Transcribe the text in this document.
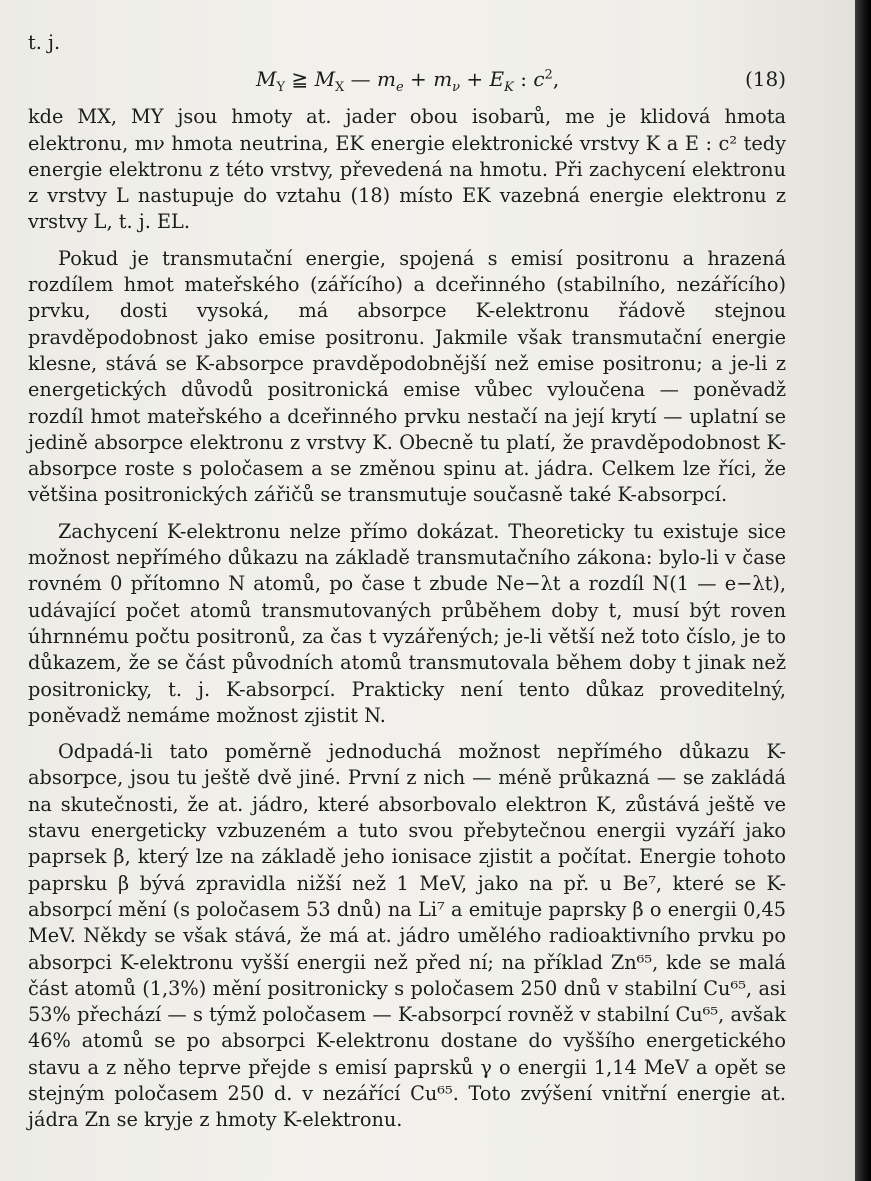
t. j.
$M_Y$ ≧ $M_X$ — $m_e + m_\nu + E_K$ : $c^2$,	(18)

kde MX, MY jsou hmoty at. jader obou isobarů, me je klidová hmota elektronu, mν hmota neutrina, EK energie elektronické vrstvy K a E : c² tedy energie elektronu z této vrstvy, převedená na hmotu. Při zachycení elektronu z vrstvy L nastupuje do vztahu (18) místo EK vazebná energie elektronu z vrstvy L, t. j. EL.

Pokud je transmutační energie, spojená s emisí positronu a hrazená rozdílem hmot mateřského (zářícího) a dceřinného (stabilního, nezářícího) prvku, dosti vysoká, má absorpce K-elektronu řádově stejnou pravděpodobnost jako emise positronu. Jakmile však transmutační energie klesne, stává se K-absorpce pravděpodobnější než emise positronu; a je-li z energetických důvodů positronická emise vůbec vyloučena — poněvadž rozdíl hmot mateřského a dceřinného prvku nestačí na její krytí — uplatní se jedině absorpce elektronu z vrstvy K. Obecně tu platí, že pravděpodobnost K-absorpce roste s poločasem a se změnou spinu at. jádra. Celkem lze říci, že většina positronických zářičů se transmutuje současně také K-absorpcí.

Zachycení K-elektronu nelze přímo dokázat. Theoreticky tu existuje sice možnost nepřímého důkazu na základě transmutačního zákona: bylo-li v čase rovném 0 přítomno N atomů, po čase t zbude Ne−λt a rozdíl N(1 — e−λt), udávající počet atomů transmutovaných průběhem doby t, musí být roven úhrnnému počtu positronů, za čas t vyzářených; je-li větší než toto číslo, je to důkazem, že se část původních atomů transmutovala během doby t jinak než positronicky, t. j. K-absorpcí. Prakticky není tento důkaz proveditelný, poněvadž nemáme možnost zjistit N.

Odpadá-li tato poměrně jednoduchá možnost nepřímého důkazu K-absorpce, jsou tu ještě dvě jiné. První z nich — méně průkazná — se zakládá na skutečnosti, že at. jádro, které absorbovalo elektron K, zůstává ještě ve stavu energeticky vzbuzeném a tuto svou přebytečnou energii vyzáří jako paprsek β, který lze na základě jeho ionisace zjistit a počítat. Energie tohoto paprsku β bývá zpravidla nižší než 1 MeV, jako na př. u Be⁷, které se K-absorpcí mění (s poločasem 53 dnů) na Li⁷ a emituje paprsky β o energii 0,45 MeV. Někdy se však stává, že má at. jádro umělého radioaktivního prvku po absorpci K-elektronu vyšší energii než před ní; na příklad Zn⁶⁵, kde se malá část atomů (1,3%) mění positronicky s poločasem 250 dnů v stabilní Cu⁶⁵, asi 53% přechází — s týmž poločasem — K-absorpcí rovněž v stabilní Cu⁶⁵, avšak 46% atomů se po absorpci K-elektronu dostane do vyššího energetického stavu a z něho teprve přejde s emisí paprsků γ o energii 1,14 MeV a opět se stejným poločasem 250 d. v nezářící Cu⁶⁵. Toto zvýšení vnitřní energie at. jádra Zn se kryje z hmoty K-elektronu.
